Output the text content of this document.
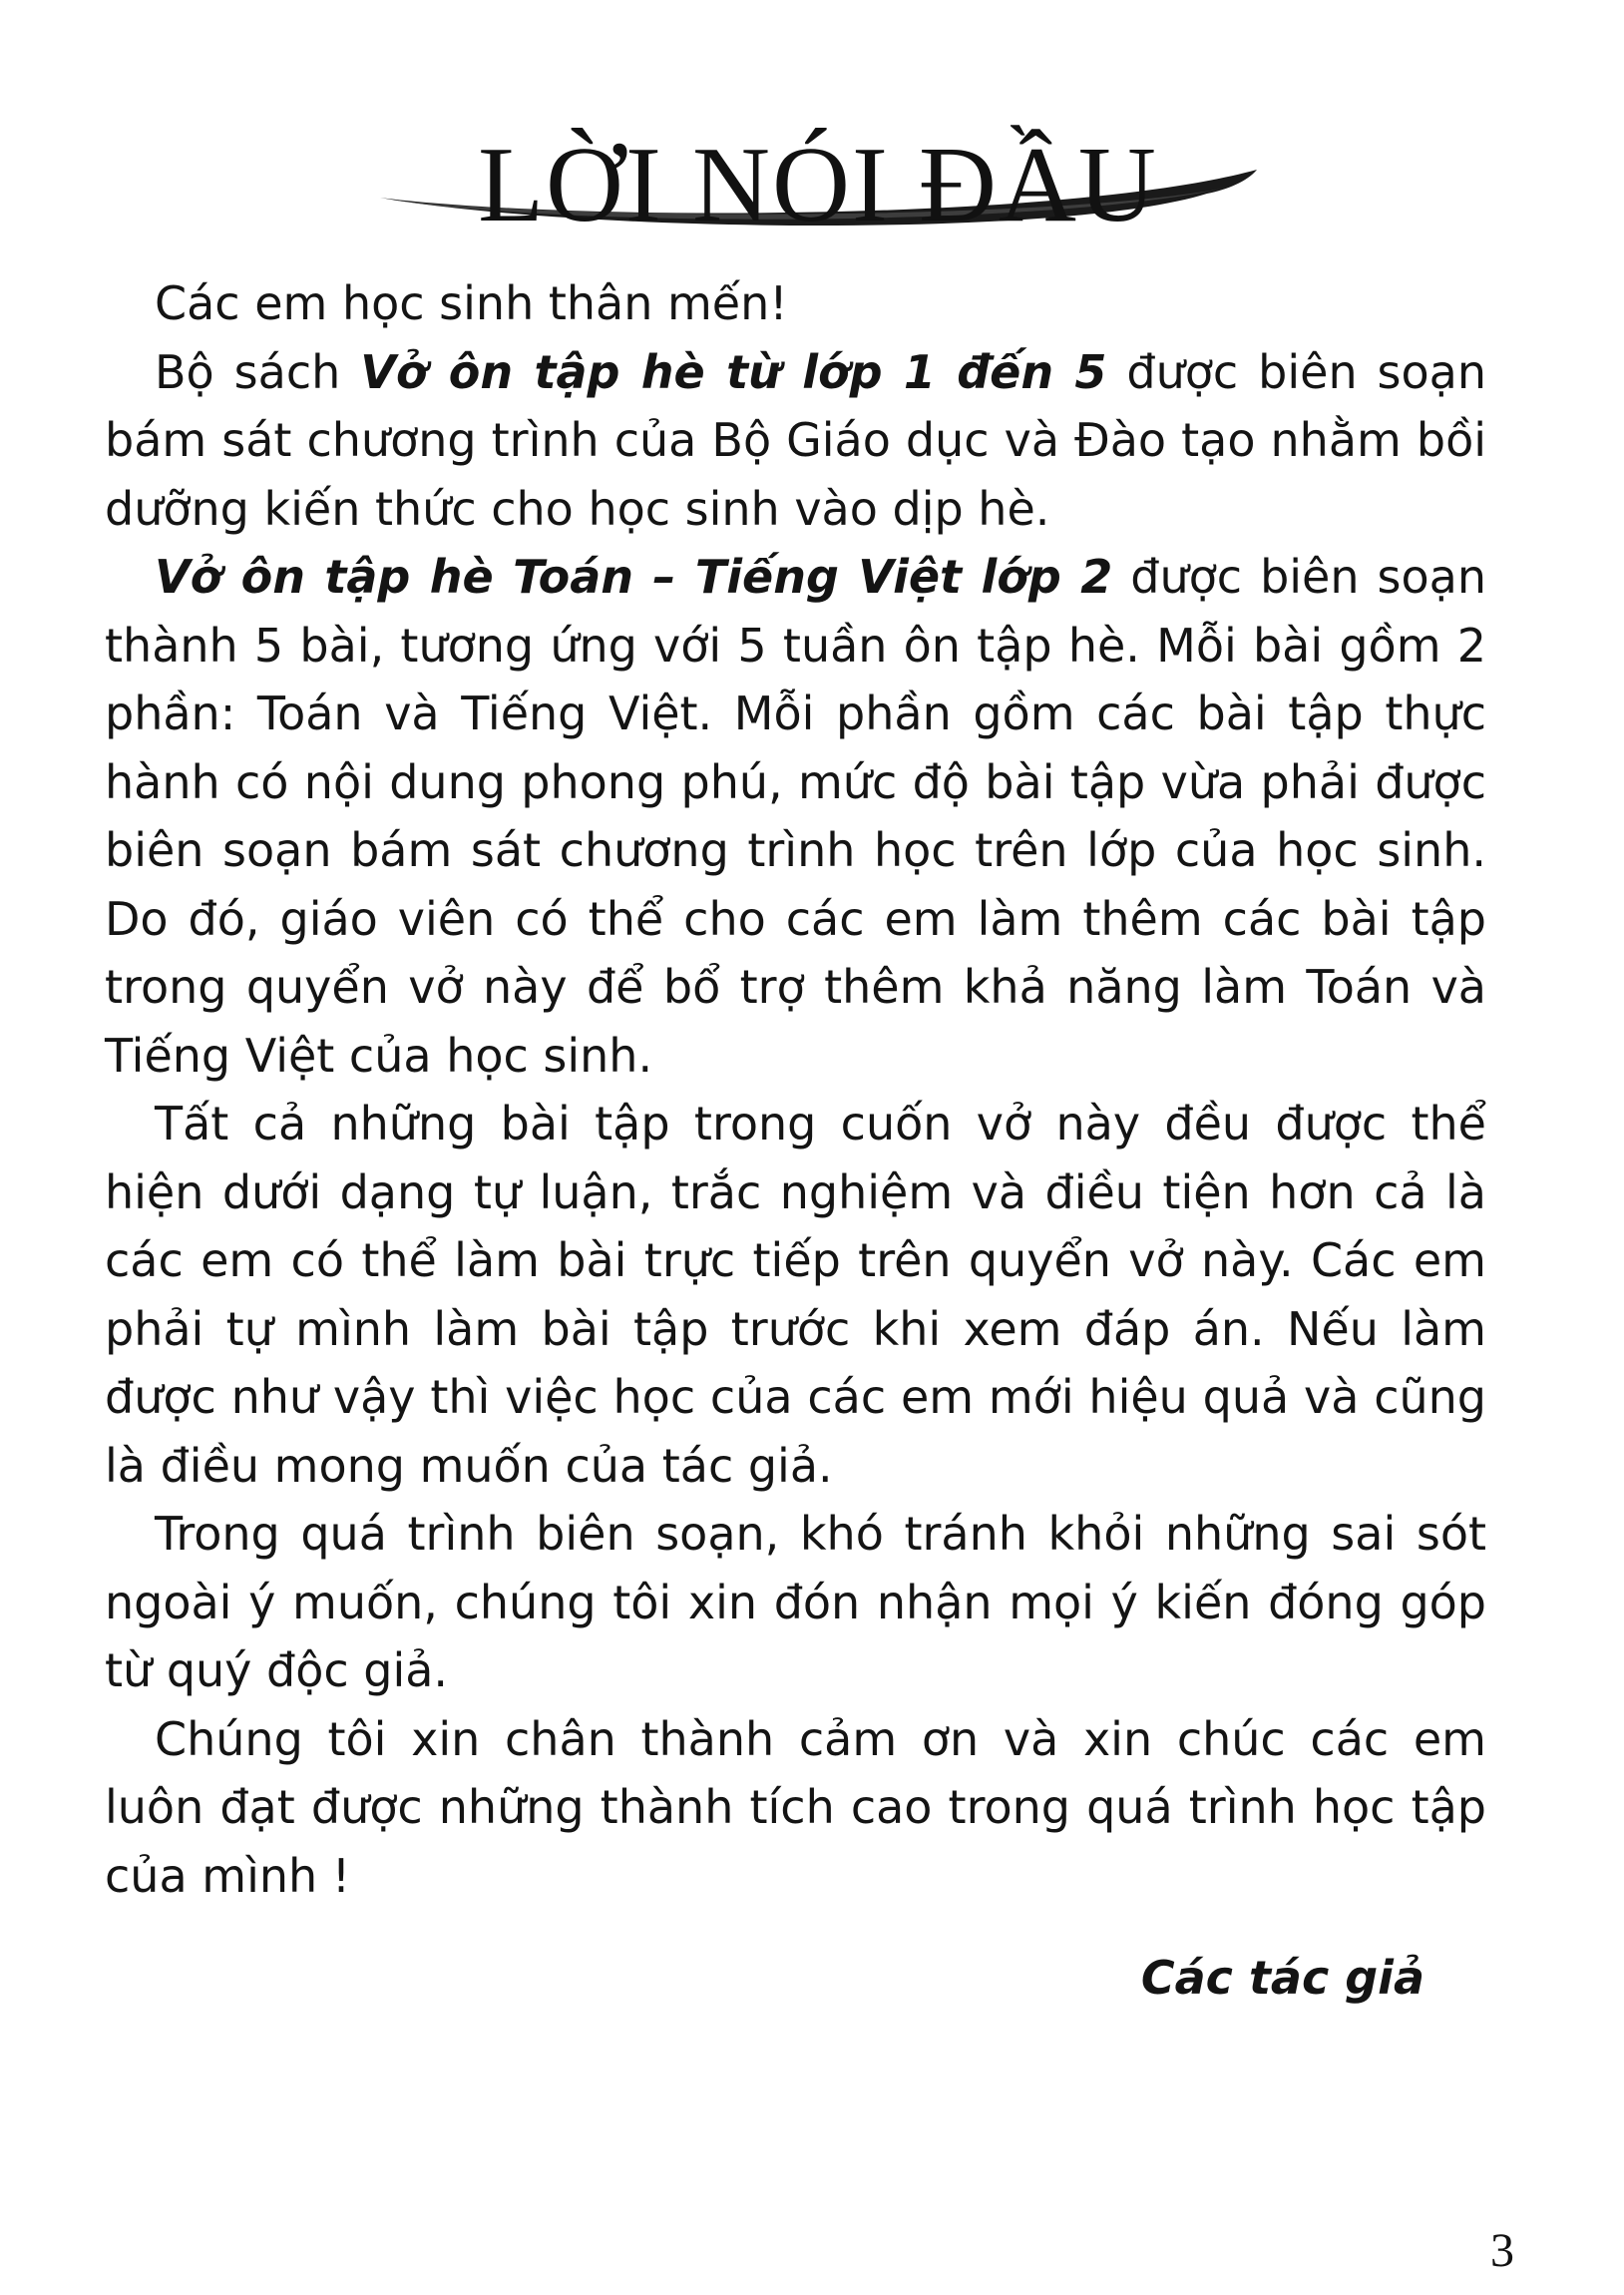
LỜI NÓI ĐẦU

Các em học sinh thân mến!

Bộ sách Vở ôn tập hè từ lớp 1 đến 5 được biên soạn bám sát chương trình của Bộ Giáo dục và Đào tạo nhằm bồi dưỡng kiến thức cho học sinh vào dịp hè.

Vở ôn tập hè Toán – Tiếng Việt lớp 2 được biên soạn thành 5 bài, tương ứng với 5 tuần ôn tập hè. Mỗi bài gồm 2 phần: Toán và Tiếng Việt. Mỗi phần gồm các bài tập thực hành có nội dung phong phú, mức độ bài tập vừa phải được biên soạn bám sát chương trình học trên lớp của học sinh. Do đó, giáo viên có thể cho các em làm thêm các bài tập trong quyển vở này để bổ trợ thêm khả năng làm Toán và Tiếng Việt của học sinh.

Tất cả những bài tập trong cuốn vở này đều được thể hiện dưới dạng tự luận, trắc nghiệm và điều tiện hơn cả là các em có thể làm bài trực tiếp trên quyển vở này. Các em phải tự mình làm bài tập trước khi xem đáp án. Nếu làm được như vậy thì việc học của các em mới hiệu quả và cũng là điều mong muốn của tác giả.

Trong quá trình biên soạn, khó tránh khỏi những sai sót ngoài ý muốn, chúng tôi xin đón nhận mọi ý kiến đóng góp từ quý độc giả.

Chúng tôi xin chân thành cảm ơn và xin chúc các em luôn đạt được những thành tích cao trong quá trình học tập của mình !

Các tác giả
3
